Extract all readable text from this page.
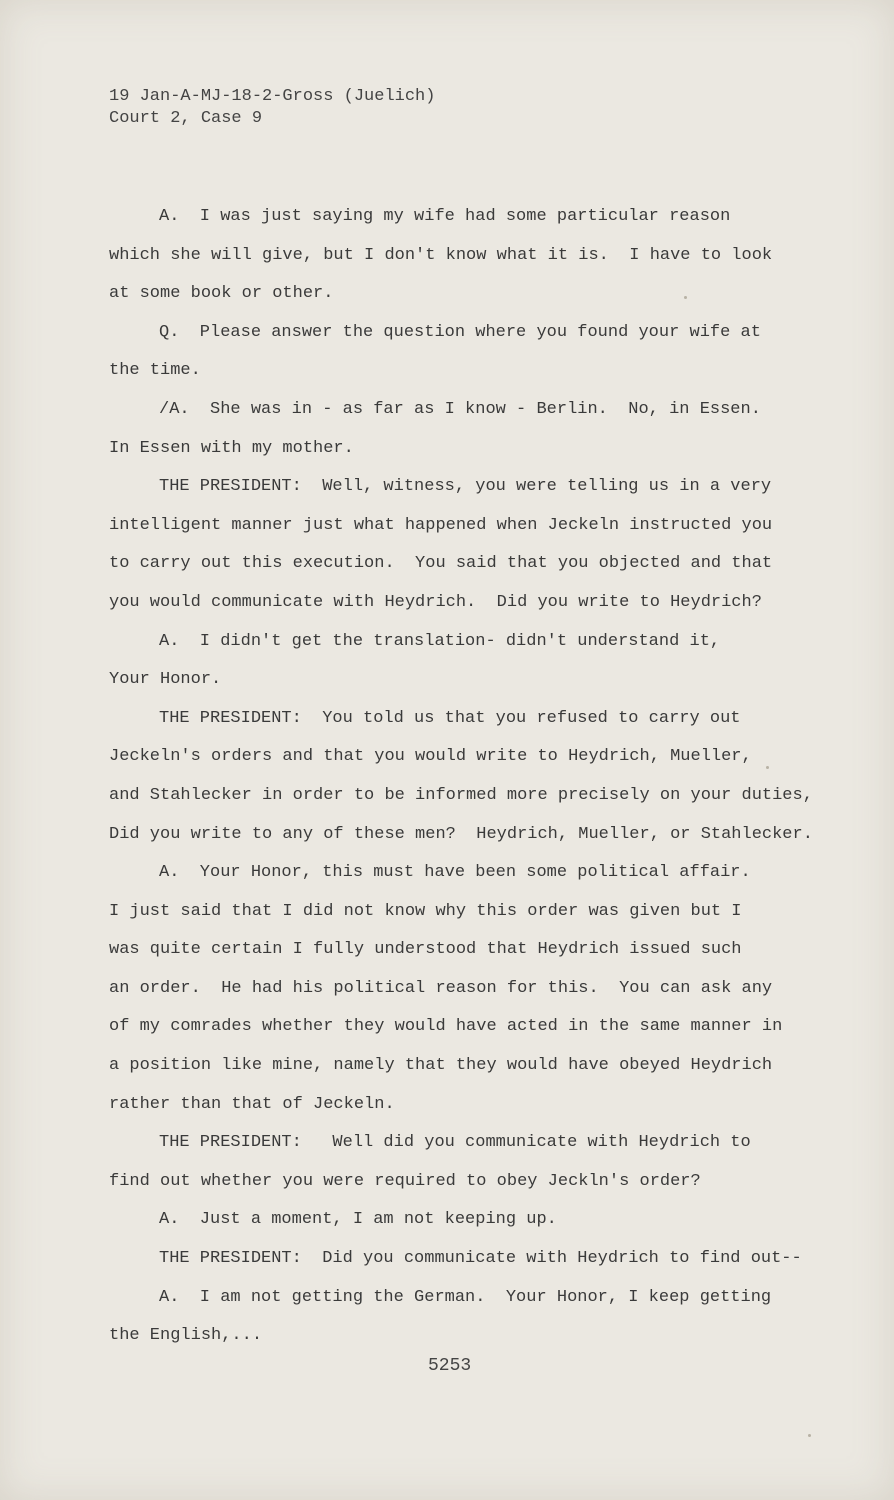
19 Jan-A-MJ-18-2-Gross (Juelich)
Court 2, Case 9
A.  I was just saying my wife had some particular reason
which she will give, but I don't know what it is.  I have to look
at some book or other.
Q.  Please answer the question where you found your wife at
the time.
/A.  She was in - as far as I know - Berlin.  No, in Essen.
In Essen with my mother.
THE PRESIDENT:  Well, witness, you were telling us in a very
intelligent manner just what happened when Jeckeln instructed you
to carry out this execution.  You said that you objected and that
you would communicate with Heydrich.  Did you write to Heydrich?
A.  I didn't get the translation- didn't understand it,
Your Honor.
THE PRESIDENT:  You told us that you refused to carry out
Jeckeln's orders and that you would write to Heydrich, Mueller,
and Stahlecker in order to be informed more precisely on your duties,
Did you write to any of these men?  Heydrich, Mueller, or Stahlecker.
A.  Your Honor, this must have been some political affair.
I just said that I did not know why this order was given but I
was quite certain I fully understood that Heydrich issued such
an order.  He had his political reason for this.  You can ask any
of my comrades whether they would have acted in the same manner in
a position like mine, namely that they would have obeyed Heydrich
rather than that of Jeckeln.
THE PRESIDENT:   Well did you communicate with Heydrich to
find out whether you were required to obey Jeckln's order?
A.  Just a moment, I am not keeping up.
THE PRESIDENT:  Did you communicate with Heydrich to find out--
A.  I am not getting the German.  Your Honor, I keep getting
the English,...
5253
